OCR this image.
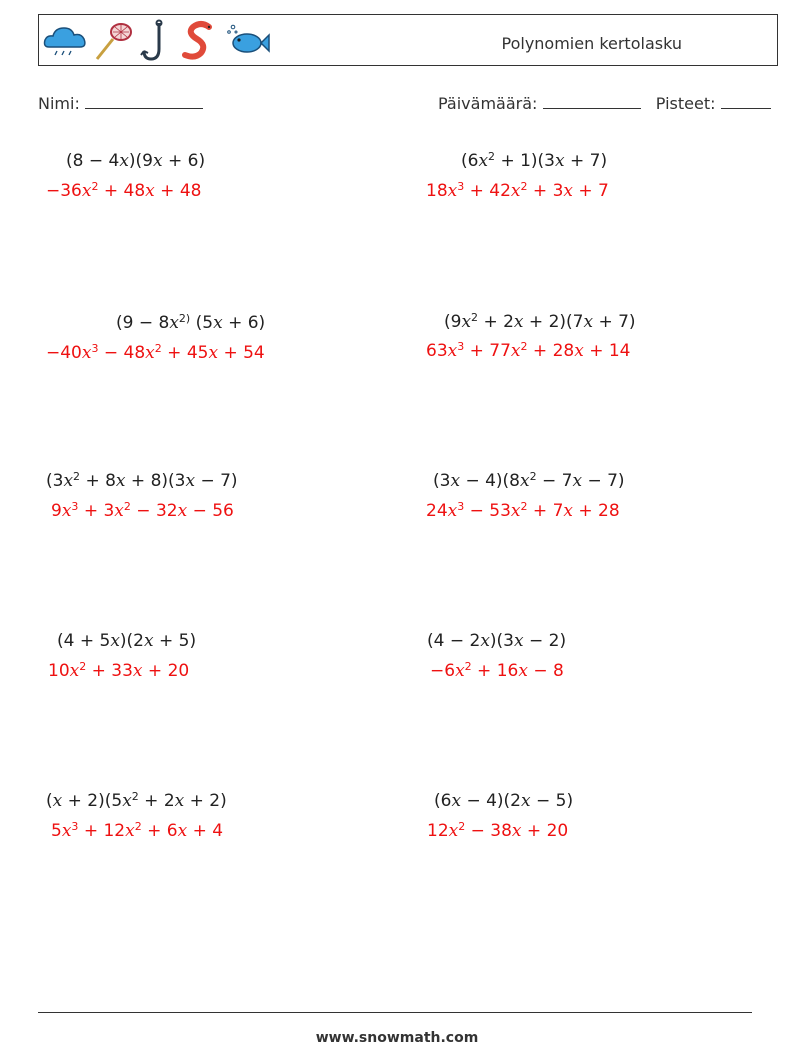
Polynomien kertolasku
Nimi:	Päivämäärä:	Pisteet:
(8 − 4x)(9x + 6)
$-36x^2 + 48x + 48$
$(6x^2 + 1)(3x + 7)$
$18x^3 + 42x^2 + 3x + 7$
($9 - 8x^{2)}$ (5x + 6)
$-40x^3 - 48x^2 + 45x + 54$
$(9x^2 + 2x + 2)(7x + 7)$
$63x^3 + 77x^2 + 28x + 14$
$(3x^2 + 8x + 8)(3x - 7)$
$9x^3 + 3x^2 - 32x - 56$
$(3x - 4)(8x^2 - 7x - 7)$
$24x^3 - 53x^2 + 7x + 28$
(4 + 5x)(2x + 5)
$10x^2 + 33x + 20$
(4 − 2x)(3x − 2)
$-6x^2 + 16x - 8$
$(x + 2)(5x^2 + 2x + 2)$
$5x^3 + 12x^2 + 6x + 4$
(6x − 4)(2x − 5)
$12x^2 - 38x + 20$
www.snowmath.com
